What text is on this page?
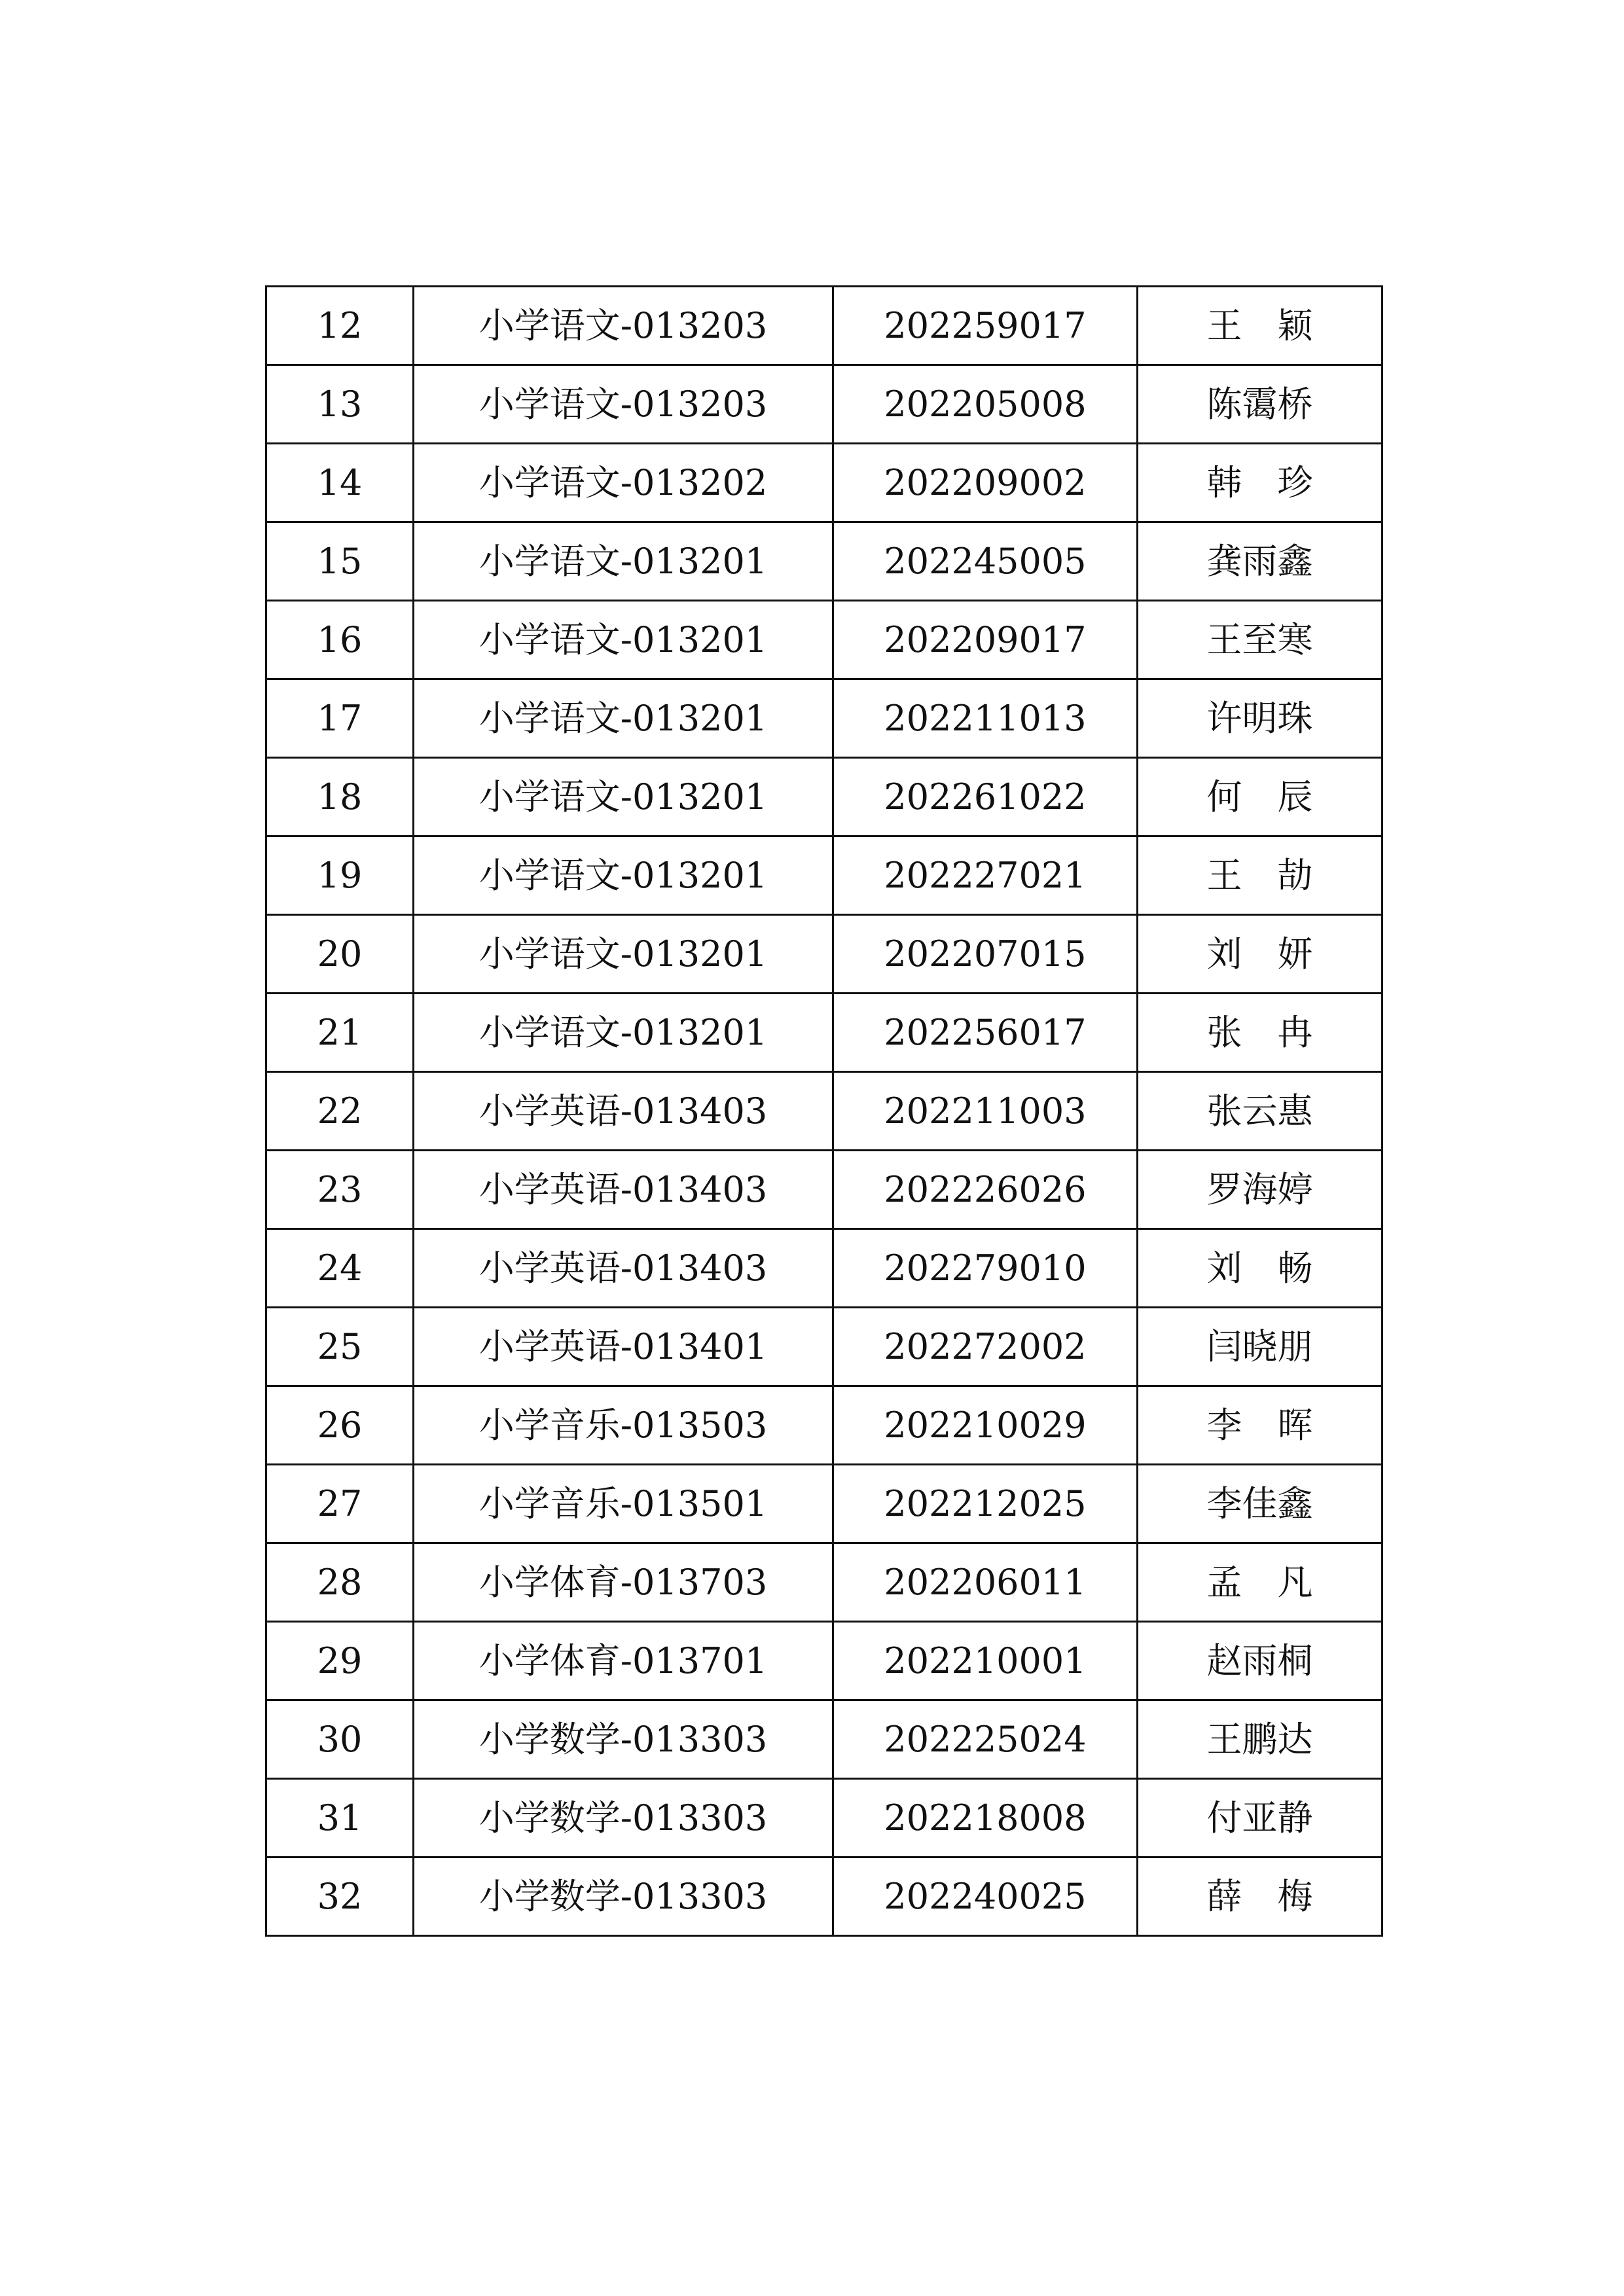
12	小学语文-013203	202259017	王　颖
13	小学语文-013203	202205008	陈霭桥
14	小学语文-013202	202209002	韩　珍
15	小学语文-013201	202245005	龚雨鑫
16	小学语文-013201	202209017	王至寒
17	小学语文-013201	202211013	许明珠
18	小学语文-013201	202261022	何　辰
19	小学语文-013201	202227021	王　劼
20	小学语文-013201	202207015	刘　妍
21	小学语文-013201	202256017	张　冉
22	小学英语-013403	202211003	张云惠
23	小学英语-013403	202226026	罗海婷
24	小学英语-013403	202279010	刘　畅
25	小学英语-013401	202272002	闫晓朋
26	小学音乐-013503	202210029	李　晖
27	小学音乐-013501	202212025	李佳鑫
28	小学体育-013703	202206011	孟　凡
29	小学体育-013701	202210001	赵雨桐
30	小学数学-013303	202225024	王鹏达
31	小学数学-013303	202218008	付亚静
32	小学数学-013303	202240025	薛　梅
